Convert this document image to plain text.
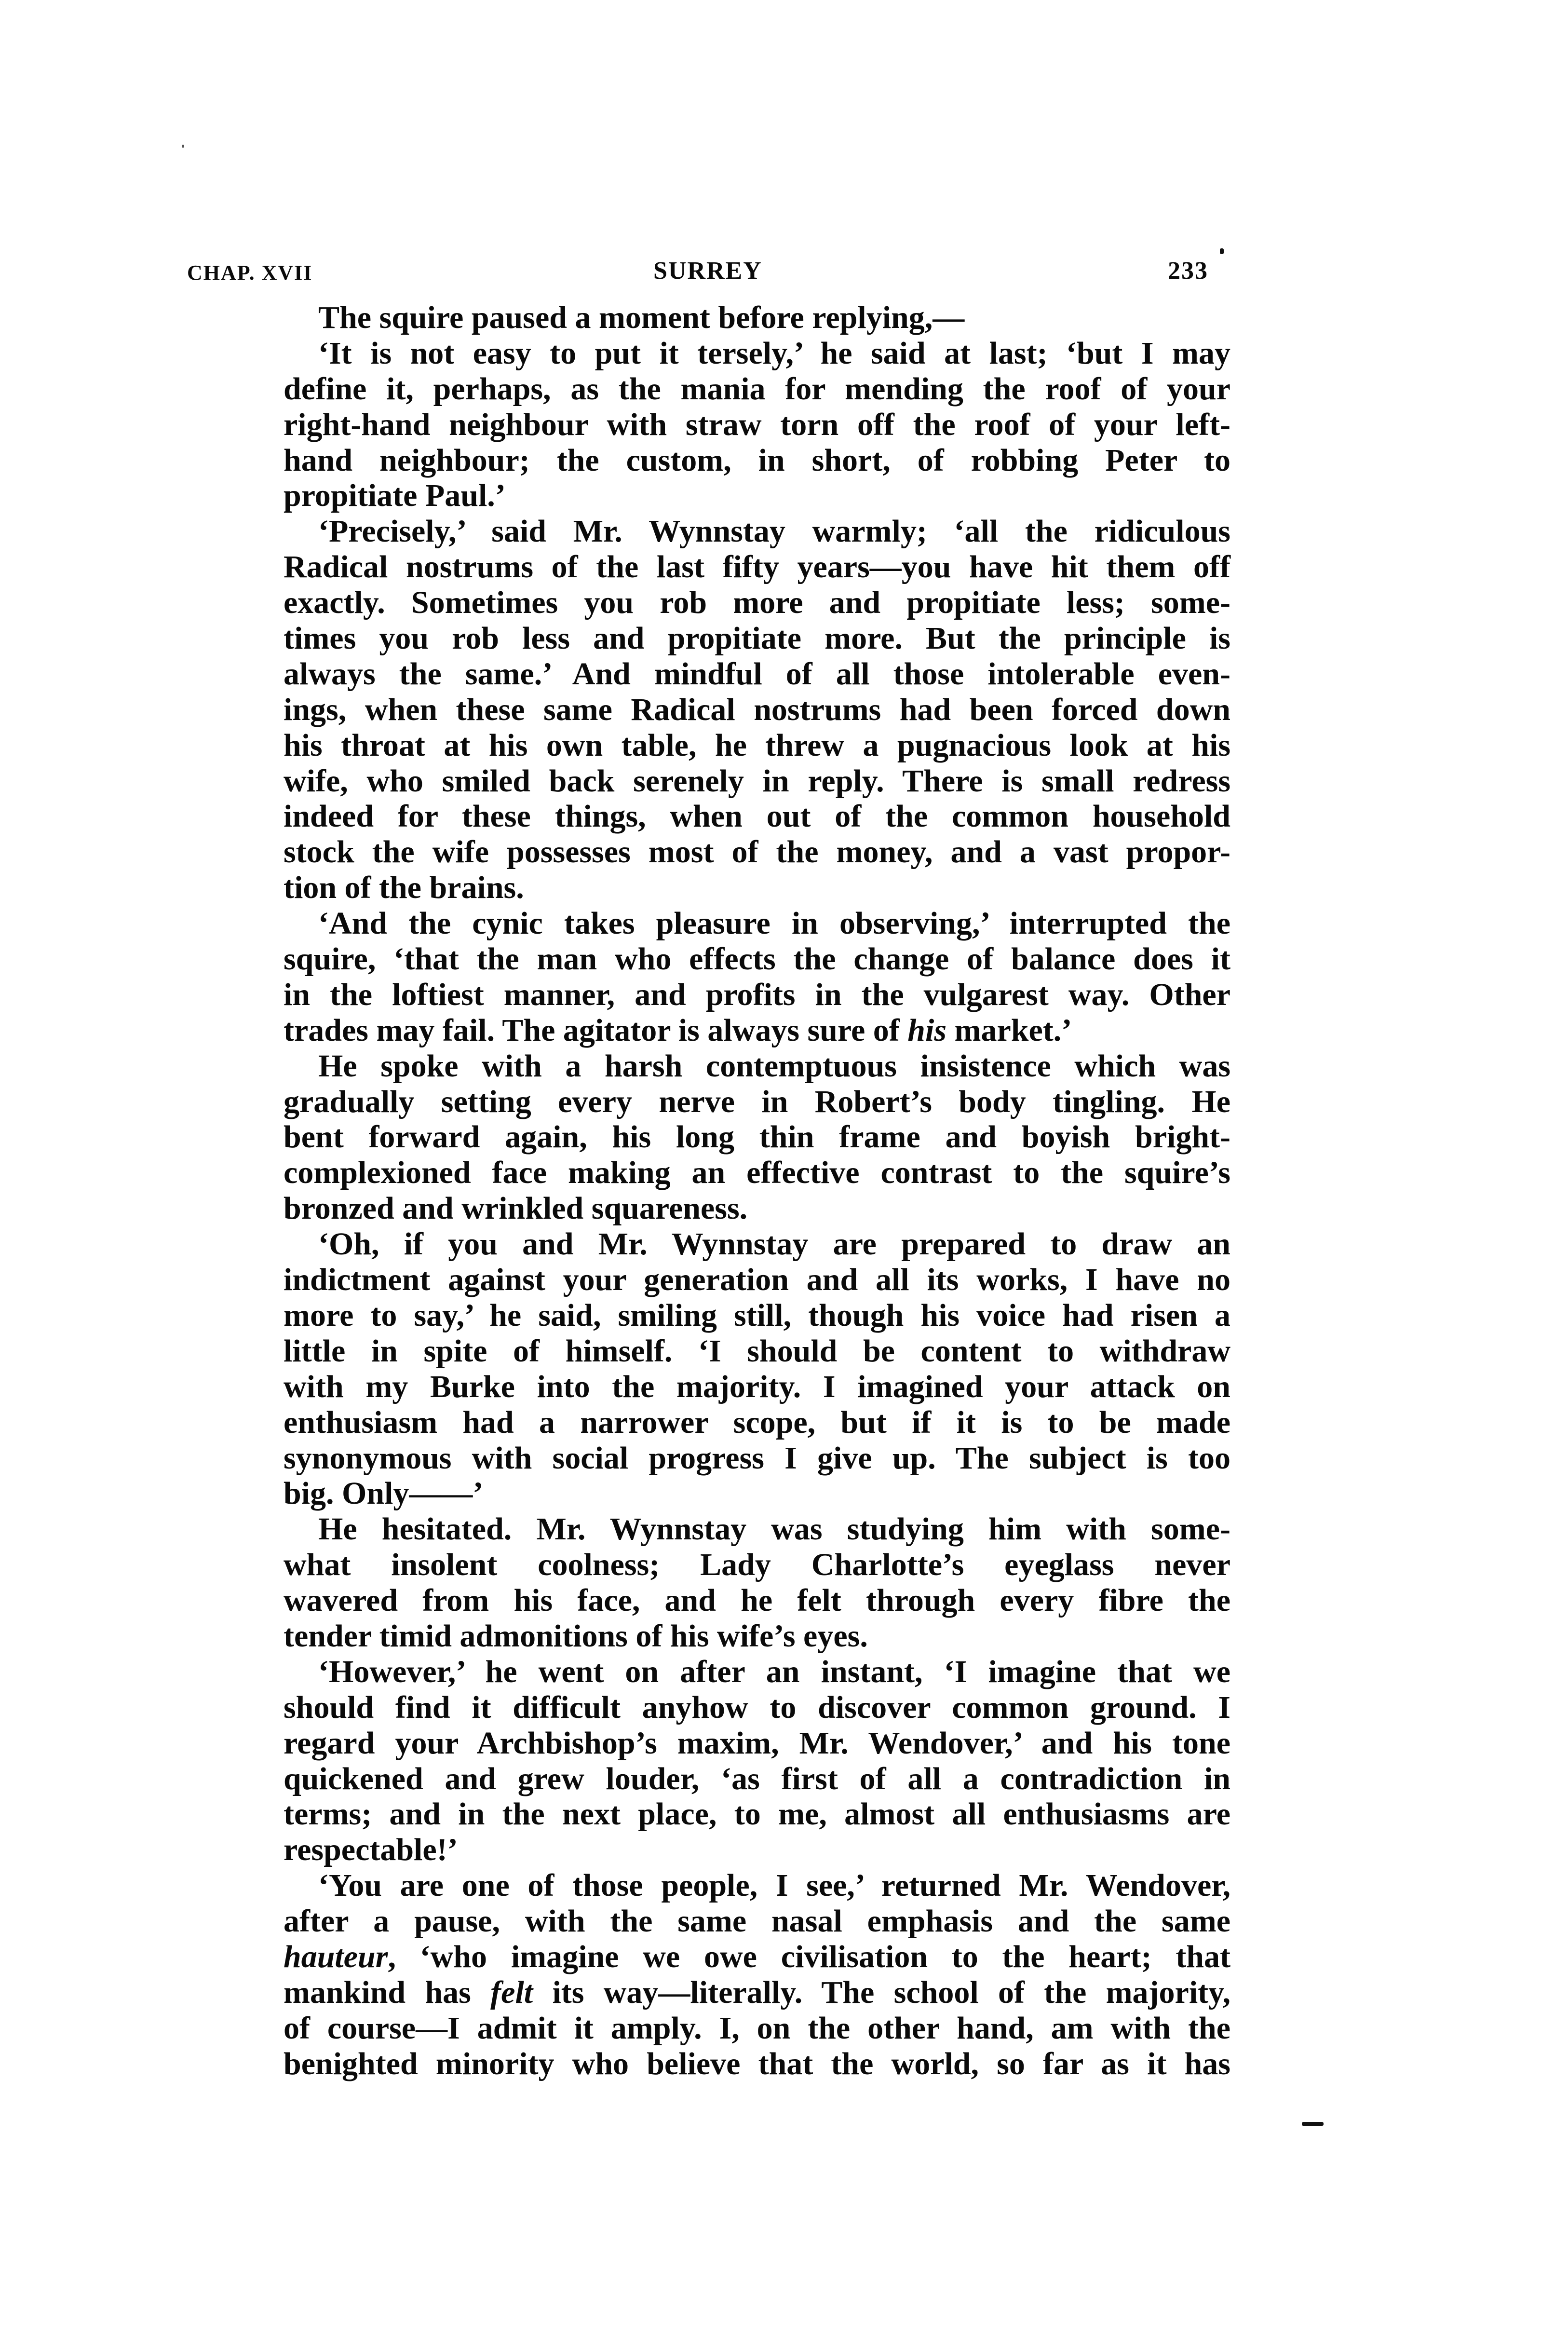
CHAP. XVII	SURREY	233
The squire paused a moment before replying,—
‘It is not easy to put it tersely,’ he said at last; ‘but I may
define it, perhaps, as the mania for mending the roof of your
right-hand neighbour with straw torn off the roof of your left-
hand neighbour; the custom, in short, of robbing Peter to
propitiate Paul.’
‘Precisely,’ said Mr. Wynnstay warmly; ‘all the ridiculous
Radical nostrums of the last fifty years—you have hit them off
exactly. Sometimes you rob more and propitiate less; some-
times you rob less and propitiate more. But the principle is
always the same.’ And mindful of all those intolerable even-
ings, when these same Radical nostrums had been forced down
his throat at his own table, he threw a pugnacious look at his
wife, who smiled back serenely in reply. There is small redress
indeed for these things, when out of the common household
stock the wife possesses most of the money, and a vast propor-
tion of the brains.
‘And the cynic takes pleasure in observing,’ interrupted the
squire, ‘that the man who effects the change of balance does it
in the loftiest manner, and profits in the vulgarest way. Other
trades may fail. The agitator is always sure of his market.’
He spoke with a harsh contemptuous insistence which was
gradually setting every nerve in Robert’s body tingling. He
bent forward again, his long thin frame and boyish bright-
complexioned face making an effective contrast to the squire’s
bronzed and wrinkled squareness.
‘Oh, if you and Mr. Wynnstay are prepared to draw an
indictment against your generation and all its works, I have no
more to say,’ he said, smiling still, though his voice had risen a
little in spite of himself. ‘I should be content to withdraw
with my Burke into the majority. I imagined your attack on
enthusiasm had a narrower scope, but if it is to be made
synonymous with social progress I give up. The subject is too
big. Only——’
He hesitated. Mr. Wynnstay was studying him with some-
what insolent coolness; Lady Charlotte’s eyeglass never
wavered from his face, and he felt through every fibre the
tender timid admonitions of his wife’s eyes.
‘However,’ he went on after an instant, ‘I imagine that we
should find it difficult anyhow to discover common ground. I
regard your Archbishop’s maxim, Mr. Wendover,’ and his tone
quickened and grew louder, ‘as first of all a contradiction in
terms; and in the next place, to me, almost all enthusiasms are
respectable!’
‘You are one of those people, I see,’ returned Mr. Wendover,
after a pause, with the same nasal emphasis and the same
hauteur, ‘who imagine we owe civilisation to the heart; that
mankind has felt its way—literally. The school of the majority,
of course—I admit it amply. I, on the other hand, am with the
benighted minority who believe that the world, so far as it has
